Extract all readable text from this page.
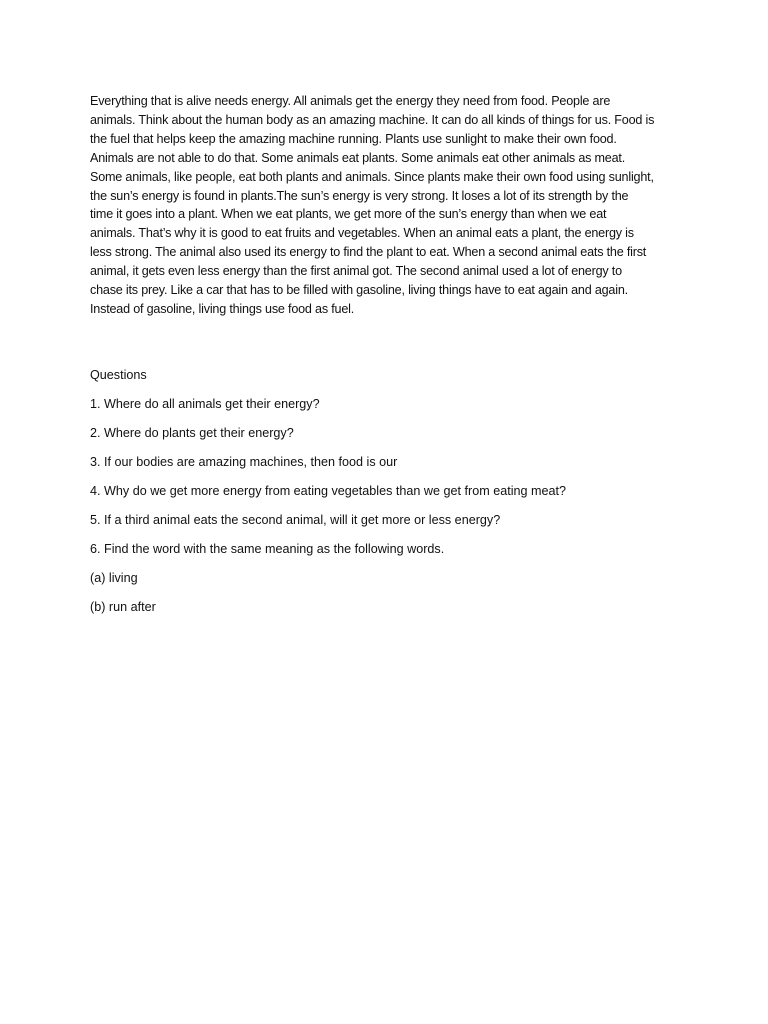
Everything that is alive needs energy. All animals get the energy they need from food. People are

animals. Think about the human body as an amazing machine. It can do all kinds of things for us. Food is

the fuel that helps keep the amazing machine running. Plants use sunlight to make their own food.

Animals are not able to do that. Some animals eat plants. Some animals eat other animals as meat.

Some animals, like people, eat both plants and animals. Since plants make their own food using sunlight,

the sun’s energy is found in plants.The sun’s energy is very strong. It loses a lot of its strength by the

time it goes into a plant. When we eat plants, we get more of the sun’s energy than when we eat

animals. That’s why it is good to eat fruits and vegetables. When an animal eats a plant, the energy is

less strong. The animal also used its energy to find the plant to eat. When a second animal eats the first

animal, it gets even less energy than the first animal got. The second animal used a lot of energy to

chase its prey. Like a car that has to be filled with gasoline, living things have to eat again and again.

Instead of gasoline, living things use food as fuel.

Questions

1. Where do all animals get their energy?

2. Where do plants get their energy?

3. If our bodies are amazing machines, then food is our

4. Why do we get more energy from eating vegetables than we get from eating meat?

5. If a third animal eats the second animal, will it get more or less energy?

6. Find the word with the same meaning as the following words.

(a) living

(b) run after
